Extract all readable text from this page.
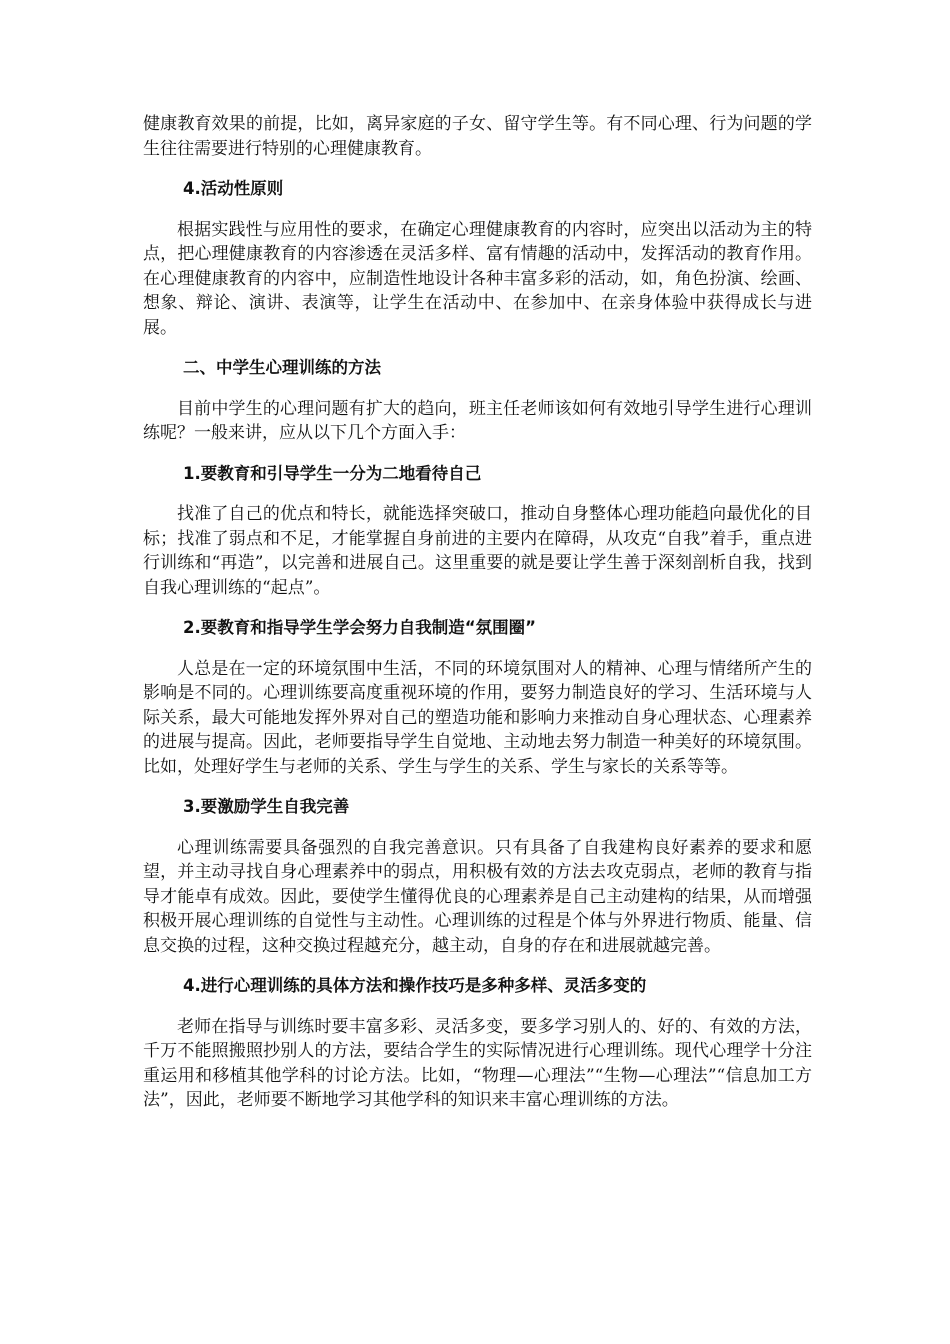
健康教育效果的前提，比如，离异家庭的子女、留守学生等。有不同心理、行为问题的学生往往需要进行特别的心理健康教育。

4.活动性原则

根据实践性与应用性的要求，在确定心理健康教育的内容时，应突出以活动为主的特点，把心理健康教育的内容渗透在灵活多样、富有情趣的活动中，发挥活动的教育作用。在心理健康教育的内容中，应制造性地设计各种丰富多彩的活动，如，角色扮演、绘画、想象、辩论、演讲、表演等，让学生在活动中、在参加中、在亲身体验中获得成长与进展。

二、中学生心理训练的方法

目前中学生的心理问题有扩大的趋向，班主任老师该如何有效地引导学生进行心理训练呢？一般来讲，应从以下几个方面入手：

1.要教育和引导学生一分为二地看待自己

找准了自己的优点和特长，就能选择突破口，推动自身整体心理功能趋向最优化的目标；找准了弱点和不足，才能掌握自身前进的主要内在障碍，从攻克“自我”着手，重点进行训练和“再造”，以完善和进展自己。这里重要的就是要让学生善于深刻剖析自我，找到自我心理训练的“起点”。

2.要教育和指导学生学会努力自我制造“氛围圈”

人总是在一定的环境氛围中生活，不同的环境氛围对人的精神、心理与情绪所产生的影响是不同的。心理训练要高度重视环境的作用，要努力制造良好的学习、生活环境与人际关系，最大可能地发挥外界对自己的塑造功能和影响力来推动自身心理状态、心理素养的进展与提高。因此，老师要指导学生自觉地、主动地去努力制造一种美好的环境氛围。比如，处理好学生与老师的关系、学生与学生的关系、学生与家长的关系等等。

3.要激励学生自我完善

心理训练需要具备强烈的自我完善意识。只有具备了自我建构良好素养的要求和愿望，并主动寻找自身心理素养中的弱点，用积极有效的方法去攻克弱点，老师的教育与指导才能卓有成效。因此，要使学生懂得优良的心理素养是自己主动建构的结果，从而增强积极开展心理训练的自觉性与主动性。心理训练的过程是个体与外界进行物质、能量、信息交换的过程，这种交换过程越充分，越主动，自身的存在和进展就越完善。

4.进行心理训练的具体方法和操作技巧是多种多样、灵活多变的

老师在指导与训练时要丰富多彩、灵活多变，要多学习别人的、好的、有效的方法，千万不能照搬照抄别人的方法，要结合学生的实际情况进行心理训练。现代心理学十分注重运用和移植其他学科的讨论方法。比如，“物理—心理法”“生物—心理法”“信息加工方法”，因此，老师要不断地学习其他学科的知识来丰富心理训练的方法。
